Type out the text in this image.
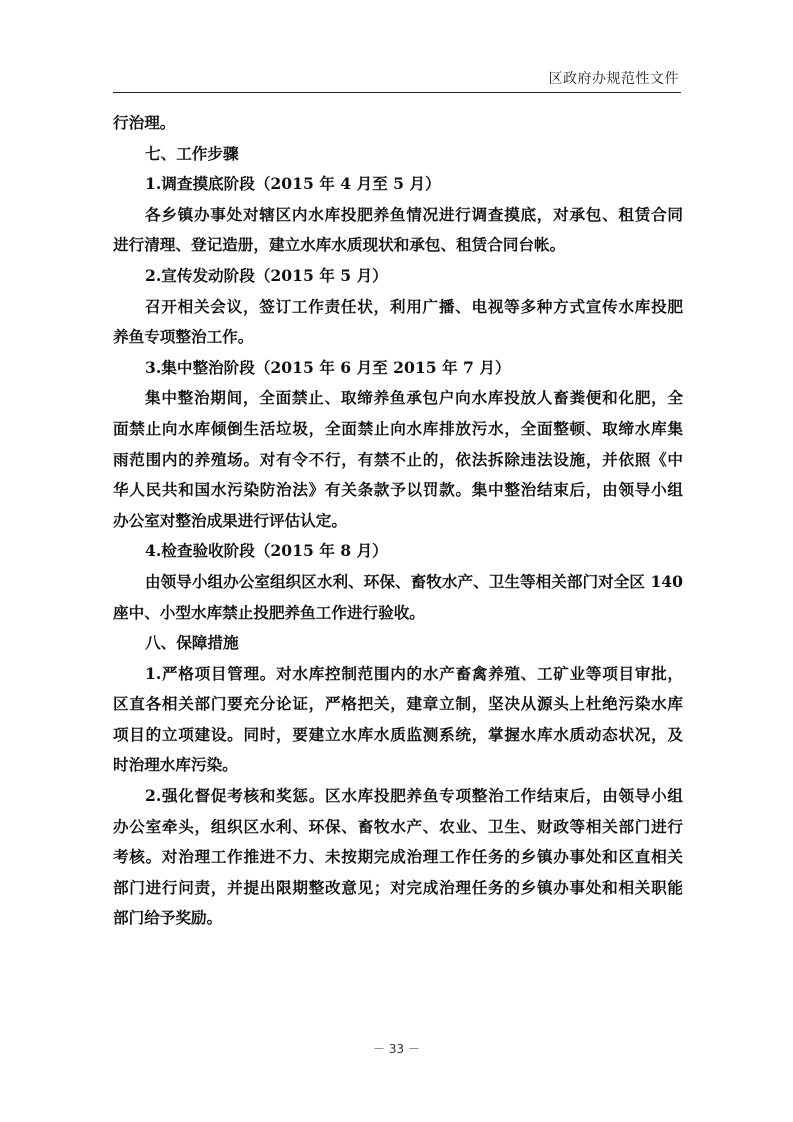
区政府办规范性文件
行治理。
七、工作步骤
1.调查摸底阶段（2015 年 4 月至 5 月）
各乡镇办事处对辖区内水库投肥养鱼情况进行调查摸底，对承包、租赁合同
进行清理、登记造册，建立水库水质现状和承包、租赁合同台帐。
2.宣传发动阶段（2015 年 5 月）
召开相关会议，签订工作责任状，利用广播、电视等多种方式宣传水库投肥
养鱼专项整治工作。
3.集中整治阶段（2015 年 6 月至 2015 年 7 月）
集中整治期间，全面禁止、取缔养鱼承包户向水库投放人畜粪便和化肥，全
面禁止向水库倾倒生活垃圾，全面禁止向水库排放污水，全面整顿、取缔水库集
雨范围内的养殖场。对有令不行，有禁不止的，依法拆除违法设施，并依照《中
华人民共和国水污染防治法》有关条款予以罚款。集中整治结束后，由领导小组
办公室对整治成果进行评估认定。
4.检查验收阶段（2015 年 8 月）
由领导小组办公室组织区水利、环保、畜牧水产、卫生等相关部门对全区 140
座中、小型水库禁止投肥养鱼工作进行验收。
八、保障措施
1.严格项目管理。对水库控制范围内的水产畜禽养殖、工矿业等项目审批，
区直各相关部门要充分论证，严格把关，建章立制，坚决从源头上杜绝污染水库
项目的立项建设。同时，要建立水库水质监测系统，掌握水库水质动态状况，及
时治理水库污染。
2.强化督促考核和奖惩。区水库投肥养鱼专项整治工作结束后，由领导小组
办公室牵头，组织区水利、环保、畜牧水产、农业、卫生、财政等相关部门进行
考核。对治理工作推进不力、未按期完成治理工作任务的乡镇办事处和区直相关
部门进行问责，并提出限期整改意见；对完成治理任务的乡镇办事处和相关职能
部门给予奖励。
－ 33 －
